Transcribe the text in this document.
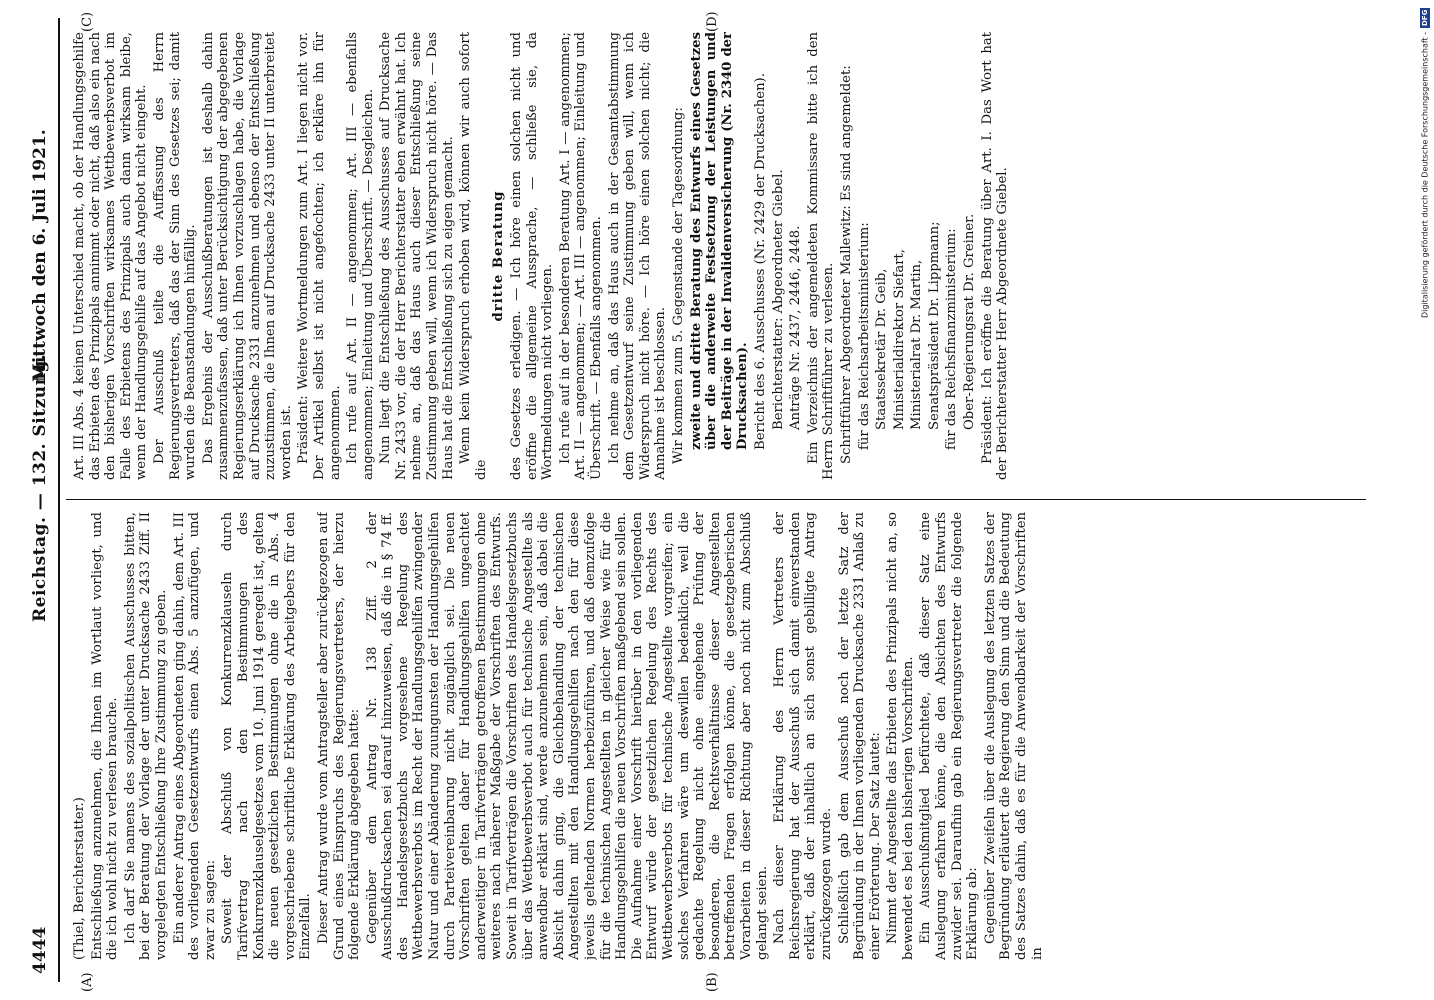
4444
Reichstag. — 132. Sitzung.
Mittwoch den 6. Juli 1921.
(A)	(B)
(C)	(D)

(Thiel, Berichterstatter.) Entschließung anzunehmen, die Ihnen im Wortlaut vorliegt, und die ich wohl nicht zu verlesen brauche. Ich darf Sie namens des sozialpolitischen Ausschusses bitten, bei der Beratung der Vorlage der unter Drucksache 2433 Ziff. II vorgelegten Entschließung Ihre Zustimmung zu geben. Ein anderer Antrag eines Abgeordneten ging dahin, dem Art. III des vorliegenden Gesetzentwurfs einen Abs. 5 anzufügen, und zwar zu sagen: Soweit der Abschluß von Konkurrenzklauseln durch Tarifvertrag nach den Bestimmungen des Konkurrenzklauselgesetzes vom 10. Juni 1914 geregelt ist, gelten die neuen gesetzlichen Bestimmungen ohne die in Abs. 4 vorgeschriebene schriftliche Erklärung des Arbeitgebers für den Einzelfall. Dieser Antrag wurde vom Antragsteller aber zurückgezogen auf Grund eines Einspruchs des Regierungsvertreters, der hierzu folgende Erklärung abgegeben hatte: Gegenüber dem Antrag Nr. 138 Ziff. 2 der Ausschußdrucksachen sei darauf hinzuweisen, daß die in § 74 ff. des Handelsgesetzbuchs vorgesehene Regelung des Wettbewerbsverbots im Recht der Handlungsgehilfen zwingender Natur und einer Abänderung zuungunsten der Handlungsgehilfen durch Parteivereinbarung nicht zugänglich sei. Die neuen Vorschriften gelten daher für Handlungsgehilfen ungeachtet anderweitiger in Tarifverträgen getroffenen Bestimmungen ohne weiteres nach näherer Maßgabe der Vorschriften des Entwurfs. Soweit in Tarifverträgen die Vorschriften des Handelsgesetzbuchs über das Wettbewerbsverbot auch für technische Angestellte als anwendbar erklärt sind, werde anzunehmen sein, daß dabei die Absicht dahin ging, die Gleichbehandlung der technischen Angestellten mit den Handlungsgehilfen nach den für diese jeweils geltenden Normen herbeizuführen, und daß demzufolge für die technischen Angestellten in gleicher Weise wie für die Handlungsgehilfen die neuen Vorschriften maßgebend sein sollen. Die Aufnahme einer Vorschrift hierüber in den vorliegenden Entwurf würde der gesetzlichen Regelung des Rechts des Wettbewerbsverbots für technische Angestellte vorgreifen; ein solches Verfahren wäre um deswillen bedenklich, weil die gedachte Regelung nicht ohne eingehende Prüfung der besonderen, die Rechtsverhältnisse dieser Angestellten betreffenden Fragen erfolgen könne, die gesetzgeberischen Vorarbeiten in dieser Richtung aber noch nicht zum Abschluß gelangt seien. Nach dieser Erklärung des Herrn Vertreters der Reichsregierung hat der Ausschuß sich damit einverstanden erklärt, daß der inhaltlich an sich sonst gebilligte Antrag zurückgezogen wurde. Schließlich gab dem Ausschuß noch der letzte Satz der Begründung in der Ihnen vorliegenden Drucksache 2331 Anlaß zu einer Erörterung. Der Satz lautet: Nimmt der Angestellte das Erbieten des Prinzipals nicht an, so bewendet es bei den bisherigen Vorschriften. Ein Ausschußmitglied befürchtete, daß dieser Satz eine Auslegung erfahren könne, die den Absichten des Entwurfs zuwider sei. Daraufhin gab ein Regierungsvertreter die folgende Erklärung ab: Gegenüber Zweifeln über die Auslegung des letzten Satzes der Begründung erläutert die Regierung den Sinn und die Bedeutung des Satzes dahin, daß es für die Anwendbarkeit der Vorschriften in

Art. III Abs. 4 keinen Unterschied macht, ob der Handlungsgehilfe das Erbieten des Prinzipals annimmt oder nicht, daß also ein nach den bisherigen Vorschriften wirksames Wettbewerbsverbot im Falle des Erbietens des Prinzipals auch dann wirksam bleibe, wenn der Handlungsgehilfe auf das Angebot nicht eingeht. Der Ausschuß teilte die Auffassung des Herrn Regierungsvertreters, daß das der Sinn des Gesetzes sei; damit wurden die Beanstandungen hinfällig. Das Ergebnis der Ausschußberatungen ist deshalb dahin zusammenzufassen, daß unter Berücksichtigung der abgegebenen Regierungserklärung ich Ihnen vorzuschlagen habe, die Vorlage auf Drucksache 2331 anzunehmen und ebenso der Entschließung zuzustimmen, die Ihnen auf Drucksache 2433 unter II unterbreitet worden ist. Präsident: Weitere Wortmeldungen zum Art. I liegen nicht vor. Der Artikel selbst ist nicht angefochten; ich erkläre ihn für angenommen. Ich rufe auf Art. II — angenommen; Art. III — ebenfalls angenommen; Einleitung und Überschrift. — Desgleichen. Nun liegt die Entschließung des Ausschusses auf Drucksache Nr. 2433 vor, die der Herr Berichterstatter eben erwähnt hat. Ich nehme an, daß das Haus auch dieser Entschließung seine Zustimmung geben will, wenn ich Widerspruch nicht höre. — Das Haus hat die Entschließung sich zu eigen gemacht. Wenn kein Widerspruch erhoben wird, können wir auch sofort die

dritte Beratung des Gesetzes erledigen. — Ich höre einen solchen nicht und eröffne die allgemeine Aussprache, — schließe sie, da Wortmeldungen nicht vorliegen. Ich rufe auf in der besonderen Beratung Art. I — angenommen; Art. II — angenommen; — Art. III — angenommen; Einleitung und Überschrift. — Ebenfalls angenommen. Ich nehme an, daß das Haus auch in der Gesamtabstimmung dem Gesetzentwurf seine Zustimmung geben will, wenn ich Widerspruch nicht höre. — Ich höre einen solchen nicht; die Annahme ist beschlossen. Wir kommen zum 5. Gegenstande der Tagesordnung: zweite und dritte Beratung des Entwurfs eines Gesetzes über die anderweite Festsetzung der Leistungen und der Beiträge in der Invalidenversicherung (Nr. 2340 der Drucksachen). Bericht des 6. Ausschusses (Nr. 2429 der Drucksachen). Berichterstatter: Abgeordneter Giebel. Anträge Nr. 2437, 2446, 2448. Ein Verzeichnis der angemeldeten Kommissare bitte ich den Herrn Schriftführer zu verlesen. Schriftführer Abgeordneter Mallewitz: Es sind angemeldet: für das Reichsarbeitsministerium: Staatssekretär Dr. Geib, Ministerialdirektor Siefart, Ministerialrat Dr. Martin, Senatspräsident Dr. Lippmann; für das Reichsfinanzministerium: Ober-Regierungsrat Dr. Greiner. Präsident: Ich eröffne die Beratung über Art. I. Das Wort hat der Berichterstatter Herr Abgeordnete Giebel.	Digitalisierung gefördert durch die Deutsche Forschungsgemeinschaft -
DFG
